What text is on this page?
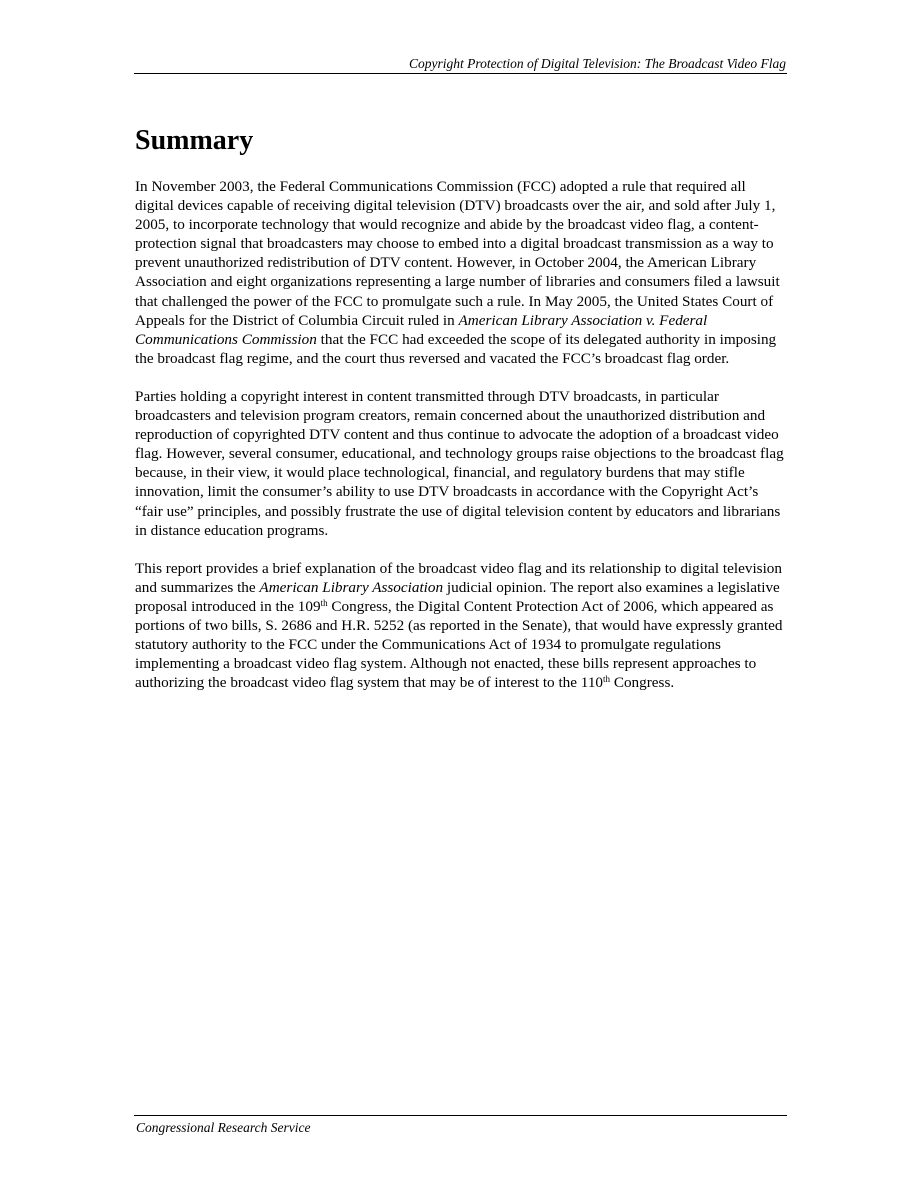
Copyright Protection of Digital Television: The Broadcast Video Flag
Summary

In November 2003, the Federal Communications Commission (FCC) adopted a rule that required all digital devices capable of receiving digital television (DTV) broadcasts over the air, and sold after July 1, 2005, to incorporate technology that would recognize and abide by the broadcast video flag, a content-protection signal that broadcasters may choose to embed into a digital broadcast transmission as a way to prevent unauthorized redistribution of DTV content. However, in October 2004, the American Library Association and eight organizations representing a large number of libraries and consumers filed a lawsuit that challenged the power of the FCC to promulgate such a rule. In May 2005, the United States Court of Appeals for the District of Columbia Circuit ruled in American Library Association v. Federal Communications Commission that the FCC had exceeded the scope of its delegated authority in imposing the broadcast flag regime, and the court thus reversed and vacated the FCC’s broadcast flag order.

Parties holding a copyright interest in content transmitted through DTV broadcasts, in particular broadcasters and television program creators, remain concerned about the unauthorized distribution and reproduction of copyrighted DTV content and thus continue to advocate the adoption of a broadcast video flag. However, several consumer, educational, and technology groups raise objections to the broadcast flag because, in their view, it would place technological, financial, and regulatory burdens that may stifle innovation, limit the consumer’s ability to use DTV broadcasts in accordance with the Copyright Act’s “fair use” principles, and possibly frustrate the use of digital television content by educators and librarians in distance education programs.

This report provides a brief explanation of the broadcast video flag and its relationship to digital television and summarizes the American Library Association judicial opinion. The report also examines a legislative proposal introduced in the 109th Congress, the Digital Content Protection Act of 2006, which appeared as portions of two bills, S. 2686 and H.R. 5252 (as reported in the Senate), that would have expressly granted statutory authority to the FCC under the Communications Act of 1934 to promulgate regulations implementing a broadcast video flag system. Although not enacted, these bills represent approaches to authorizing the broadcast video flag system that may be of interest to the 110th Congress.

Congressional Research Service
